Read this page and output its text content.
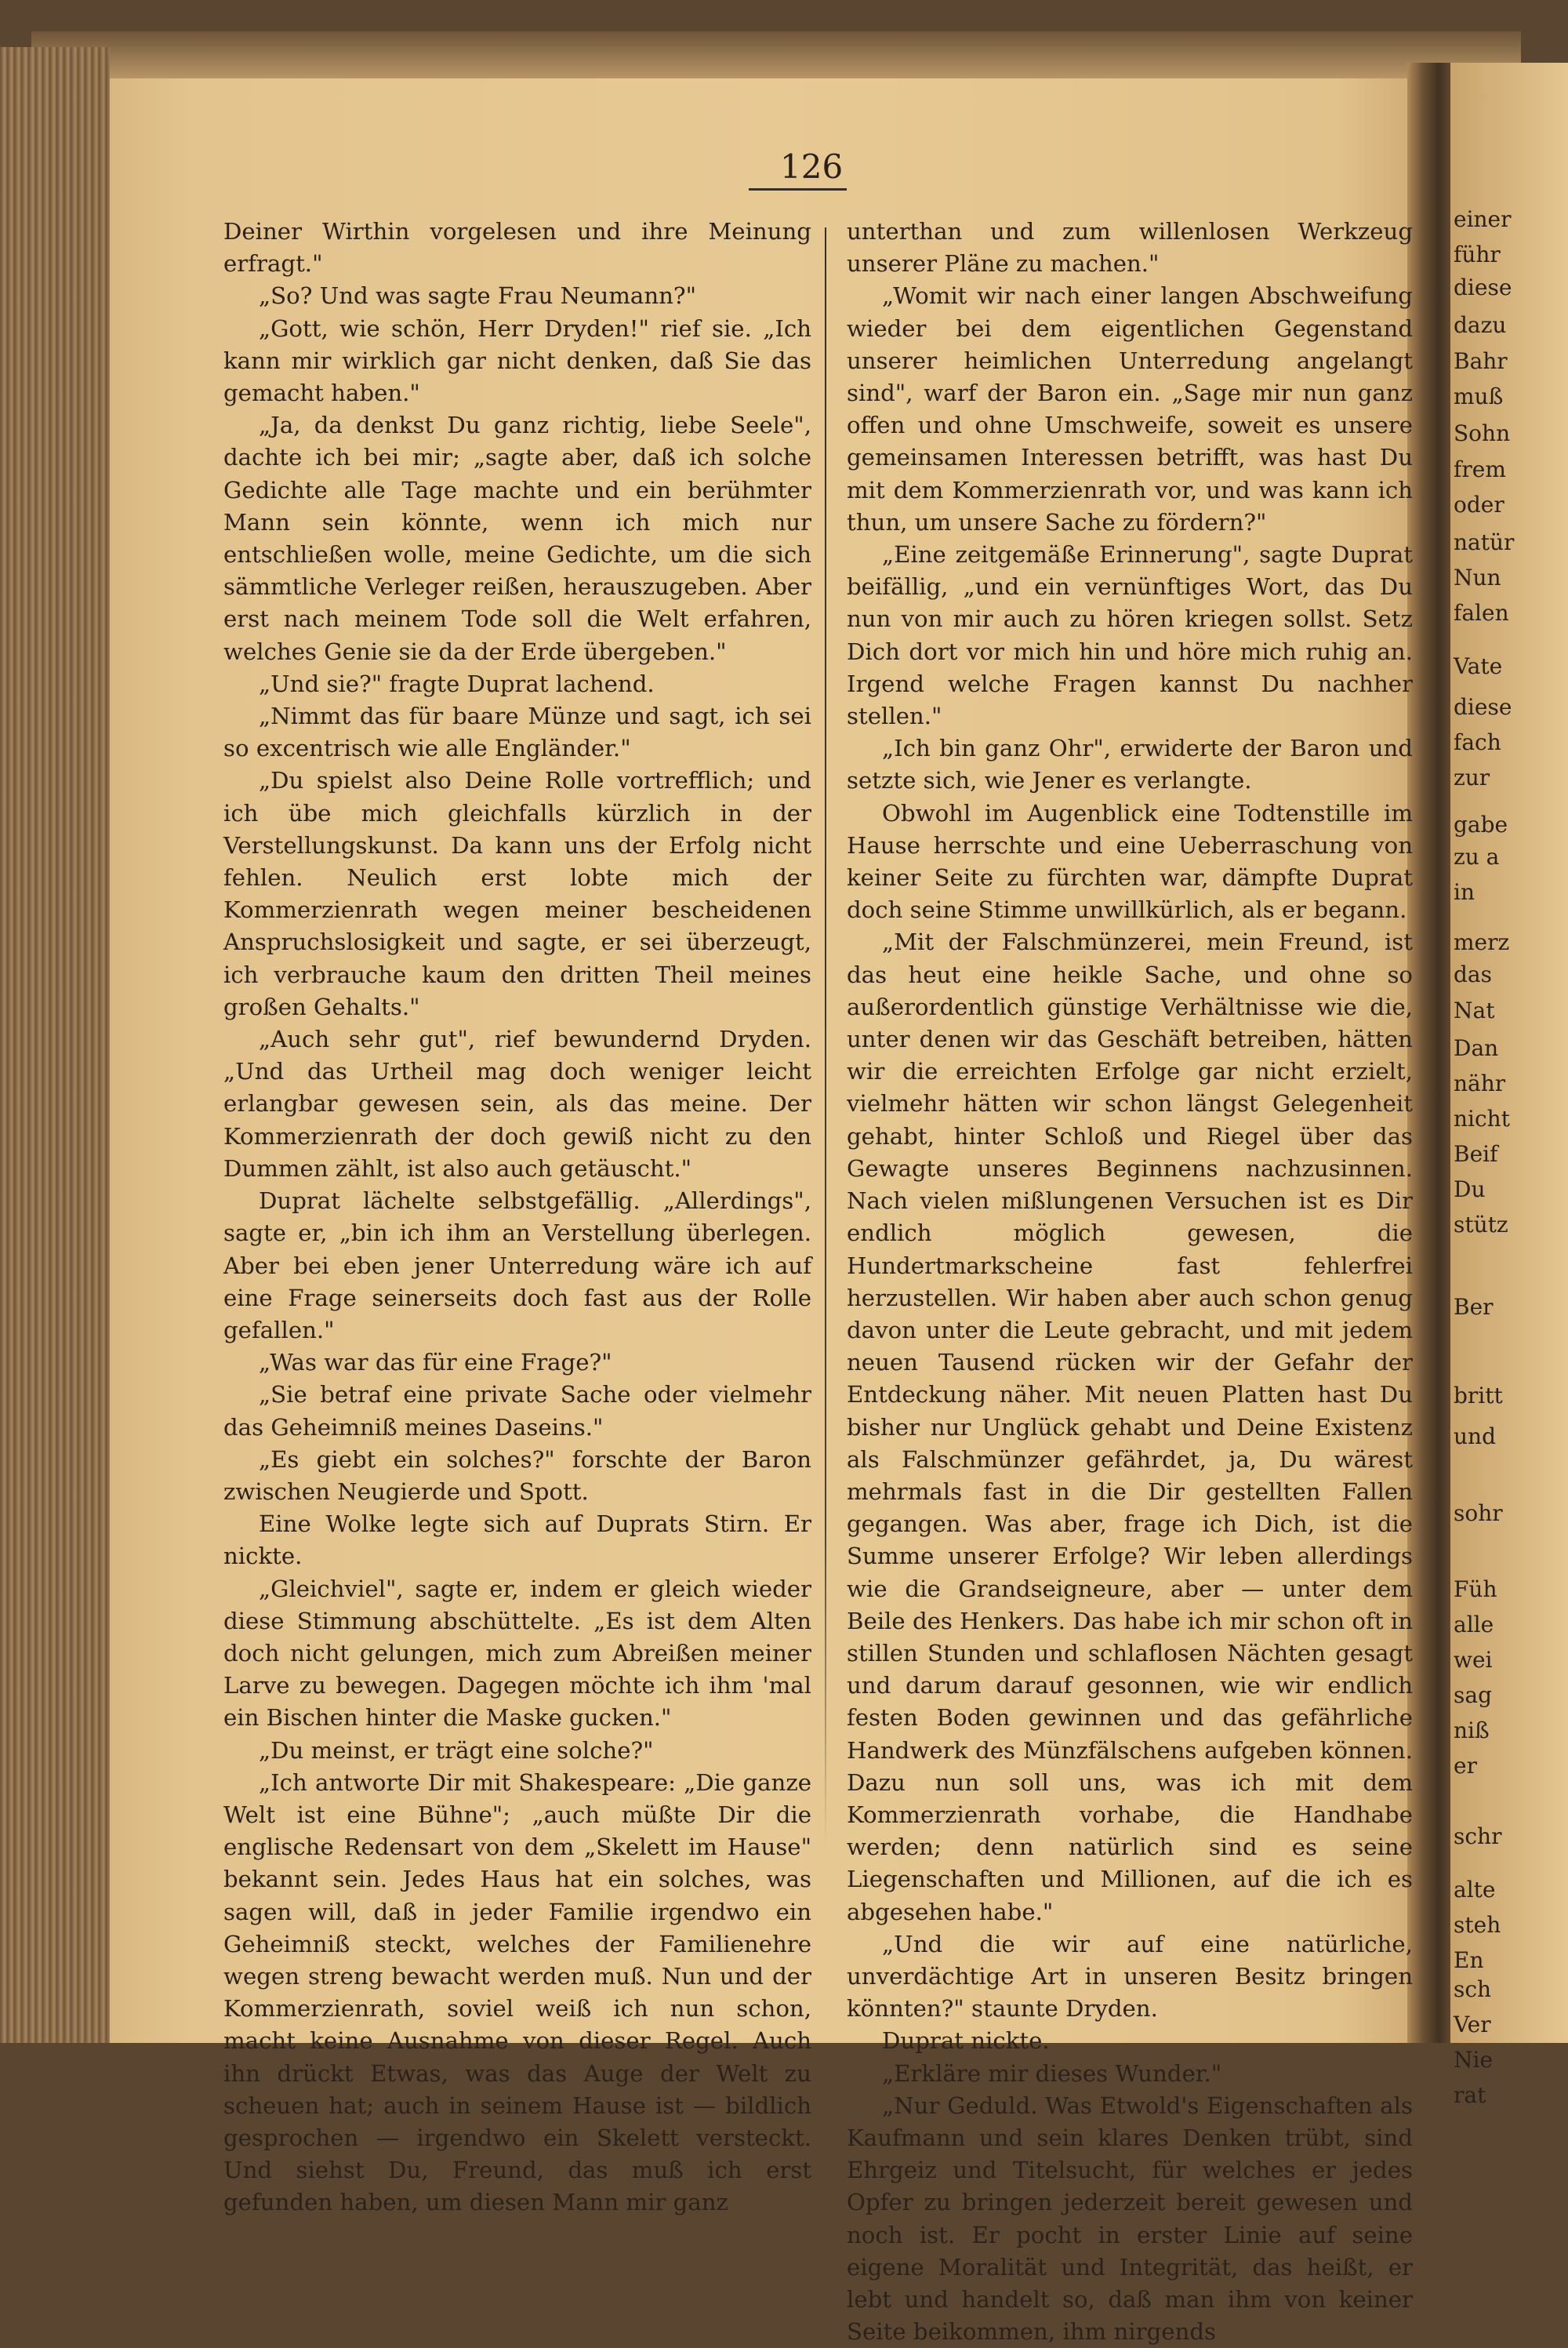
einer
führ
diese
dazu
Bahr
muß
Sohn
frem
oder
natür
Nun
falen
Vate
diese
fach
zur
gabe
zu a
in
merz
das
Nat
Dan
nähr
nicht
Beif
Du
stütz
Ber
britt
und
sohr
Füh
alle
wei
sag
niß
er
schr
alte
steh
En
sch
Ver
Nie
rat
126

Deiner Wirthin vorgelesen und ihre Meinung erfragt."

„So? Und was sagte Frau Neumann?"

„Gott, wie schön, Herr Dryden!" rief sie. „Ich kann mir wirklich gar nicht denken, daß Sie das gemacht haben."

„Ja, da denkst Du ganz richtig, liebe Seele", dachte ich bei mir; „sagte aber, daß ich solche Gedichte alle Tage machte und ein berühmter Mann sein könnte, wenn ich mich nur entschließen wolle, meine Gedichte, um die sich sämmtliche Verleger reißen, herauszugeben. Aber erst nach meinem Tode soll die Welt erfahren, welches Genie sie da der Erde übergeben."

„Und sie?" fragte Duprat lachend.

„Nimmt das für baare Münze und sagt, ich sei so excentrisch wie alle Engländer."

„Du spielst also Deine Rolle vortrefflich; und ich übe mich gleichfalls kürzlich in der Verstellungskunst. Da kann uns der Erfolg nicht fehlen. Neulich erst lobte mich der Kommerzienrath wegen meiner bescheidenen Anspruchslosigkeit und sagte, er sei überzeugt, ich verbrauche kaum den dritten Theil meines großen Gehalts."

„Auch sehr gut", rief bewundernd Dryden. „Und das Urtheil mag doch weniger leicht erlangbar gewesen sein, als das meine. Der Kommerzienrath der doch gewiß nicht zu den Dummen zählt, ist also auch getäuscht."

Duprat lächelte selbstgefällig. „Allerdings", sagte er, „bin ich ihm an Verstellung überlegen. Aber bei eben jener Unterredung wäre ich auf eine Frage seinerseits doch fast aus der Rolle gefallen."

„Was war das für eine Frage?"

„Sie betraf eine private Sache oder vielmehr das Geheimniß meines Daseins."

„Es giebt ein solches?" forschte der Baron zwischen Neugierde und Spott.

Eine Wolke legte sich auf Duprats Stirn. Er nickte.

„Gleichviel", sagte er, indem er gleich wieder diese Stimmung abschüttelte. „Es ist dem Alten doch nicht gelungen, mich zum Abreißen meiner Larve zu bewegen. Dagegen möchte ich ihm 'mal ein Bischen hinter die Maske gucken."

„Du meinst, er trägt eine solche?"

„Ich antworte Dir mit Shakespeare: „Die ganze Welt ist eine Bühne"; „auch müßte Dir die englische Redensart von dem „Skelett im Hause" bekannt sein. Jedes Haus hat ein solches, was sagen will, daß in jeder Familie irgendwo ein Geheimniß steckt, welches der Familienehre wegen streng bewacht werden muß. Nun und der Kommerzienrath, soviel weiß ich nun schon, macht keine Ausnahme von dieser Regel. Auch ihn drückt Etwas, was das Auge der Welt zu scheuen hat; auch in seinem Hause ist — bildlich gesprochen — irgendwo ein Skelett versteckt. Und siehst Du, Freund, das muß ich erst gefunden haben, um diesen Mann mir ganz

unterthan und zum willenlosen Werkzeug unserer Pläne zu machen."

„Womit wir nach einer langen Abschweifung wieder bei dem eigentlichen Gegenstand unserer heimlichen Unterredung angelangt sind", warf der Baron ein. „Sage mir nun ganz offen und ohne Umschweife, soweit es unsere gemeinsamen Interessen betrifft, was hast Du mit dem Kommerzienrath vor, und was kann ich thun, um unsere Sache zu fördern?"

„Eine zeitgemäße Erinnerung", sagte Duprat beifällig, „und ein vernünftiges Wort, das Du nun von mir auch zu hören kriegen sollst. Setz Dich dort vor mich hin und höre mich ruhig an. Irgend welche Fragen kannst Du nachher stellen."

„Ich bin ganz Ohr", erwiderte der Baron und setzte sich, wie Jener es verlangte.

Obwohl im Augenblick eine Todtenstille im Hause herrschte und eine Ueberraschung von keiner Seite zu fürchten war, dämpfte Duprat doch seine Stimme unwillkürlich, als er begann.

„Mit der Falschmünzerei, mein Freund, ist das heut eine heikle Sache, und ohne so außerordentlich günstige Verhältnisse wie die, unter denen wir das Geschäft betreiben, hätten wir die erreichten Erfolge gar nicht erzielt, vielmehr hätten wir schon längst Gelegenheit gehabt, hinter Schloß und Riegel über das Gewagte unseres Beginnens nachzusinnen. Nach vielen mißlungenen Versuchen ist es Dir endlich möglich gewesen, die Hundertmarkscheine fast fehlerfrei herzustellen. Wir haben aber auch schon genug davon unter die Leute gebracht, und mit jedem neuen Tausend rücken wir der Gefahr der Entdeckung näher. Mit neuen Platten hast Du bisher nur Unglück gehabt und Deine Existenz als Falschmünzer gefährdet, ja, Du wärest mehrmals fast in die Dir gestellten Fallen gegangen. Was aber, frage ich Dich, ist die Summe unserer Erfolge? Wir leben allerdings wie die Grandseigneure, aber — unter dem Beile des Henkers. Das habe ich mir schon oft in stillen Stunden und schlaflosen Nächten gesagt und darum darauf gesonnen, wie wir endlich festen Boden gewinnen und das gefährliche Handwerk des Münzfälschens aufgeben können. Dazu nun soll uns, was ich mit dem Kommerzienrath vorhabe, die Handhabe werden; denn natürlich sind es seine Liegenschaften und Millionen, auf die ich es abgesehen habe."

„Und die wir auf eine natürliche, unverdächtige Art in unseren Besitz bringen könnten?" staunte Dryden.

Duprat nickte.

„Erkläre mir dieses Wunder."

„Nur Geduld. Was Etwold's Eigenschaften als Kaufmann und sein klares Denken trübt, sind Ehrgeiz und Titelsucht, für welches er jedes Opfer zu bringen jederzeit bereit gewesen und noch ist. Er pocht in erster Linie auf seine eigene Moralität und Integrität, das heißt, er lebt und handelt so, daß man ihm von keiner Seite beikommen, ihm nirgends
